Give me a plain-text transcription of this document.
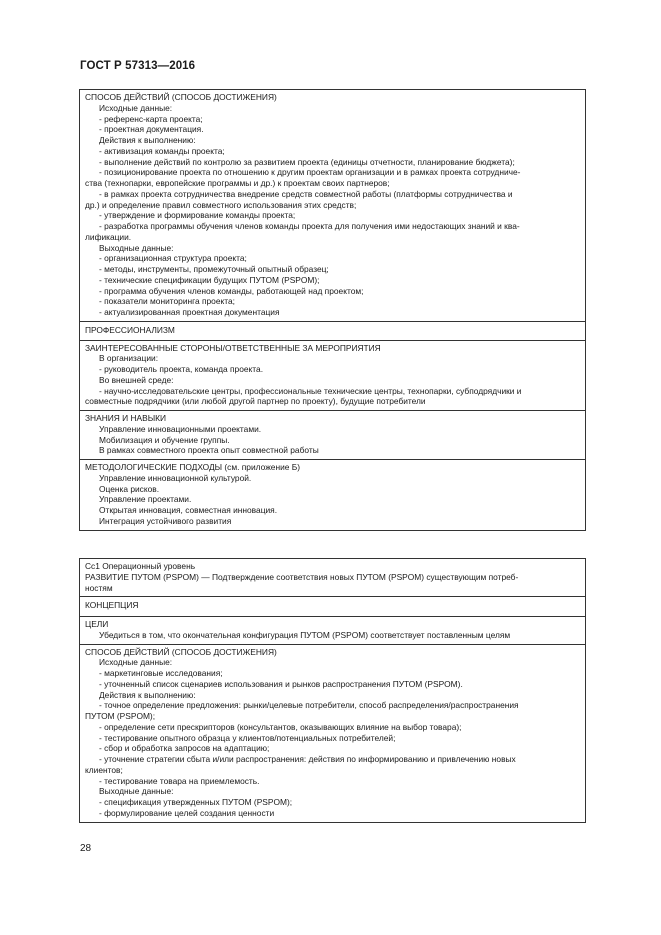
ГОСТ Р 57313—2016
СПОСОБ ДЕЙСТВИЙ (СПОСОБ ДОСТИЖЕНИЯ)
Исходные данные:
- референс-карта проекта;
- проектная документация.
Действия к выполнению:
- активизация команды проекта;
- выполнение действий по контролю за развитием проекта (единицы отчетности, планирование бюджета);
- позиционирование проекта по отношению к другим проектам организации и в рамках проекта сотрудниче-
ства (технопарки, европейские программы и др.) к проектам своих партнеров;
- в рамках проекта сотрудничества внедрение средств совместной работы (платформы сотрудничества и
др.) и определение правил совместного использования этих средств;
- утверждение и формирование команды проекта;
- разработка программы обучения членов команды проекта для получения ими недостающих знаний и ква-
лификации.
Выходные данные:
- организационная структура проекта;
- методы, инструменты, промежуточный опытный образец;
- технические спецификации будущих ПУТОМ (PSPOM);
- программа обучения членов команды, работающей над проектом;
- показатели мониторинга проекта;
- актуализированная проектная документация
ПРОФЕССИОНАЛИЗМ
ЗАИНТЕРЕСОВАННЫЕ СТОРОНЫ/ОТВЕТСТВЕННЫЕ ЗА МЕРОПРИЯТИЯ
В организации:
- руководитель проекта, команда проекта.
Во внешней среде:
- научно-исследовательские центры, профессиональные технические центры, технопарки, субподрядчики и
совместные подрядчики (или любой другой партнер по проекту), будущие потребители
ЗНАНИЯ И НАВЫКИ
Управление инновационными проектами.
Мобилизация и обучение группы.
В рамках совместного проекта опыт совместной работы
МЕТОДОЛОГИЧЕСКИЕ ПОДХОДЫ (см. приложение Б)
Управление инновационной культурой.
Оценка рисков.
Управление проектами.
Открытая инновация, совместная инновация.
Интеграция устойчивого развития
Cc1 Операционный уровень
РАЗВИТИЕ ПУТОМ (PSPOM) — Подтверждение соответствия новых ПУТОМ (PSPOM) существующим потреб-
ностям
КОНЦЕПЦИЯ
ЦЕЛИ
Убедиться в том, что окончательная конфигурация ПУТОМ (PSPOM) соответствует поставленным целям
СПОСОБ ДЕЙСТВИЙ (СПОСОБ ДОСТИЖЕНИЯ)
Исходные данные:
- маркетинговые исследования;
- уточненный список сценариев использования и рынков распространения ПУТОМ (PSPOM).
Действия к выполнению:
- точное определение предложения: рынки/целевые потребители, способ распределения/распространения
ПУТОМ (PSPOM);
- определение сети прескрипторов (консультантов, оказывающих влияние на выбор товара);
- тестирование опытного образца у клиентов/потенциальных потребителей;
- сбор и обработка запросов на адаптацию;
- уточнение стратегии сбыта и/или распространения: действия по информированию и привлечению новых
клиентов;
- тестирование товара на приемлемость.
Выходные данные:
- спецификация утвержденных ПУТОМ (PSPOM);
- формулирование целей создания ценности
28
